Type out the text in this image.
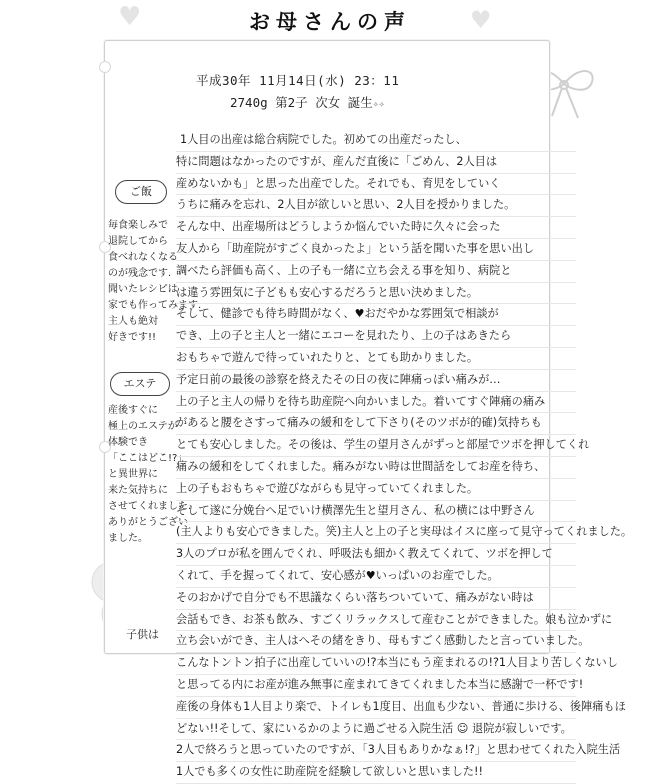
♥	♥
お母さんの声
平成30年 11月14日(水) 23：11
2740g 第2子 次女 誕生✧✧
ご飯
毎食楽しみで
退院してから
食べれなくなる
のが残念です.
聞いたレシピは
家でも作ってみます.
主人も絶対
好きです!!
エステ
産後すぐに
極上のエステが
体験でき
「ここはどこ!?」
と異世界に
来た気持ちに
させてくれました.
ありがとうござい
ました。
1人目の出産は総合病院でした。初めての出産だったし、
特に問題はなかったのですが、産んだ直後に「ごめん、2人目は
産めないかも」と思った出産でした。それでも、育児をしていく
うちに痛みを忘れ、2人目が欲しいと思い、2人目を授かりました。
そんな中、出産場所はどうしようか悩んでいた時に久々に会った
友人から「助産院がすごく良かったよ」という話を聞いた事を思い出し
調べたら評価も高く、上の子も一緒に立ち会える事を知り、病院と
は違う雰囲気に子どもも安心するだろうと思い決めました。
そして、健診でも待ち時間がなく、♥おだやかな雰囲気で相談が
でき、上の子と主人と一緒にエコーを見れたり、上の子はあきたら
おもちゃで遊んで待っていれたりと、とても助かりました。
予定日前の最後の診察を終えたその日の夜に陣痛っぽい痛みが…
上の子と主人の帰りを待ち助産院へ向かいました。着いてすぐ陣痛の痛み
があると腰をさすって痛みの緩和をして下さり(そのツボが的確)気持ちも
とても安心しました。その後は、学生の望月さんがずっと部屋でツボを押してくれ
痛みの緩和をしてくれました。痛みがない時は世間話をしてお産を待ち、
上の子もおもちゃで遊びながらも見守っていてくれました。
そして遂に分娩台へ足でいけ横澤先生と望月さん、私の横には中野さん
(主人よりも安心できました。笑)主人と上の子と実母はイスに座って見守ってくれました。
3人のプロが私を囲んでくれ、呼吸法も細かく教えてくれて、ツボを押して
くれて、手を握ってくれて、安心感が♥いっぱいのお産でした。
そのおかげで自分でも不思議なくらい落ちついていて、痛みがない時は
会話もでき、お茶も飲み、すごくリラックスして産むことができました。娘も泣かずに
立ち会いができ、主人はへその緒をきり、母もすごく感動したと言っていました。
こんなトントン拍子に出産していいの!?本当にもう産まれるの!?1人目より苦しくないし
と思ってる内にお産が進み無事に産まれてきてくれました本当に感謝で一杯です!
産後の身体も1人目より楽で、トイレも1度目、出血も少ない、普通に歩ける、後陣痛もほ
どない!!そして、家にいるかのように過ごせる入院生活 ☺ 退院が寂しいです。
2人で終ろうと思っていたのですが、「3人目もありかなぁ!?」と思わせてくれた入院生活
1人でも多くの女性に助産院を経験して欲しいと思いました!!
子供は
